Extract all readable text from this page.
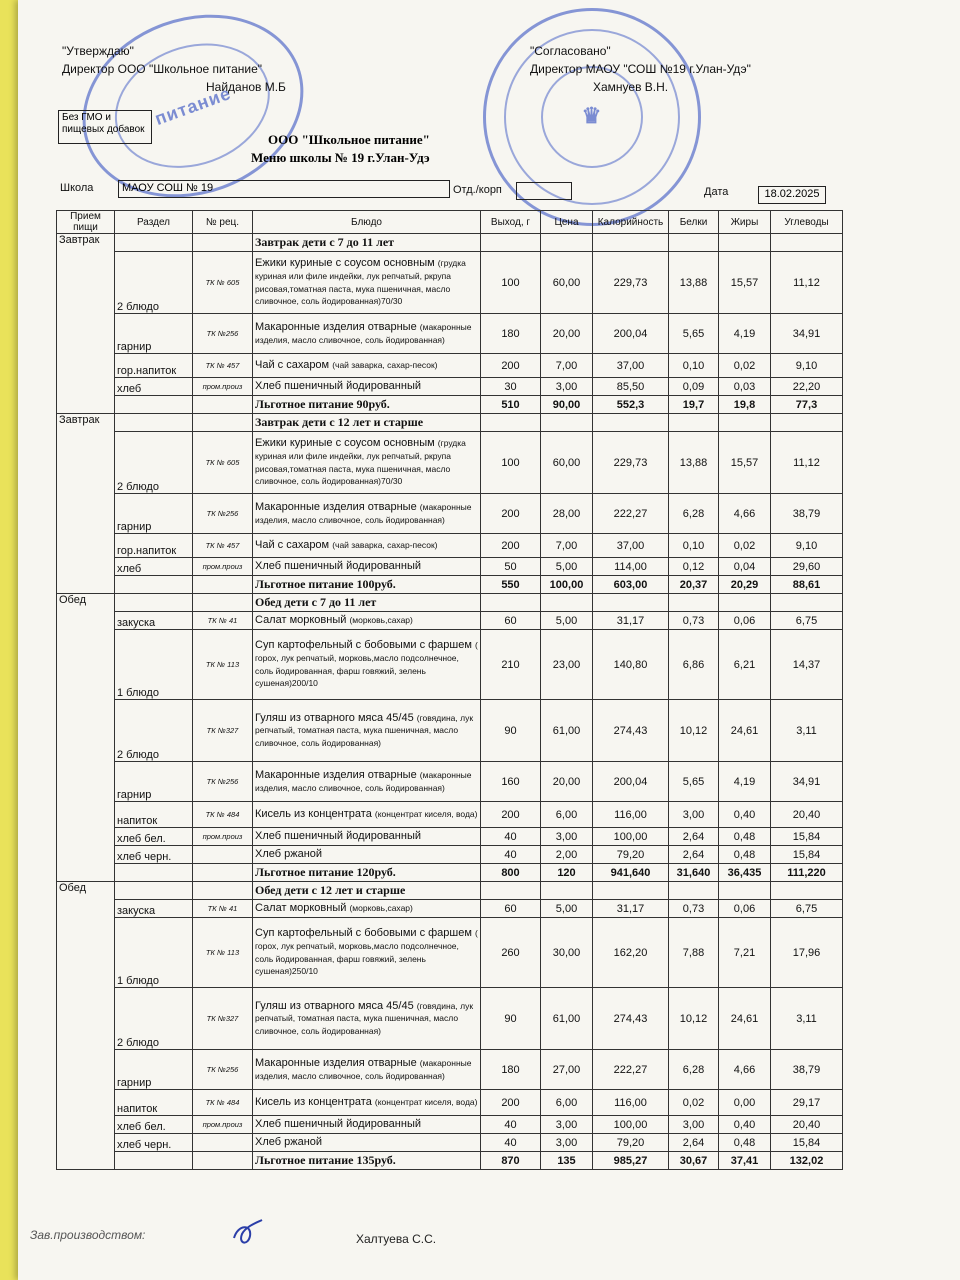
питание	♛
"Утверждаю"
Директор ООО "Школьное питание"
Найданов М.Б
"Согласовано"
Директор МАОУ "СОШ №19 г.Улан-Удэ"
Хамнуев В.Н.
Без ГМО и пищевых добавок
ООО "Школьное питание"
Меню школы № 19 г.Улан-Удэ
Школа	МАОУ СОШ № 19	Отд./корп	Дата	18.02.2025
Прием пищи	Раздел	№ рец.	Блюдо	Выход, г	Цена	Калорийность	Белки	Жиры	Углеводы
Завтрак			Завтрак дети с 7 до 11 лет						
	2 блюдо	ТК № 605	Ежики куриные с соусом основным (грудка куриная или филе индейки, лук репчатый, ркрупа рисовая,томатная паста, мука пшеничная, масло сливочное, соль йодированная)70/30	100	60,00	229,73	13,88	15,57	11,12
	гарнир	ТК №256	Макаронные изделия отварные (макаронные изделия, масло сливочное, соль йодированная)	180	20,00	200,04	5,65	4,19	34,91
	гор.напиток	ТК № 457	Чай с сахаром (чай заварка, сахар-песок)	200	7,00	37,00	0,10	0,02	9,10
	хлеб	пром.произ	Хлеб пшеничный йодированный	30	3,00	85,50	0,09	0,03	22,20
			Льготное питание 90руб.	510	90,00	552,3	19,7	19,8	77,3
Завтрак			Завтрак дети с 12 лет и старше						
	2 блюдо	ТК № 605	Ежики куриные с соусом основным (грудка куриная или филе индейки, лук репчатый, ркрупа рисовая,томатная паста, мука пшеничная, масло сливочное, соль йодированная)70/30	100	60,00	229,73	13,88	15,57	11,12
	гарнир	ТК №256	Макаронные изделия отварные (макаронные изделия, масло сливочное, соль йодированная)	200	28,00	222,27	6,28	4,66	38,79
	гор.напиток	ТК № 457	Чай с сахаром (чай заварка, сахар-песок)	200	7,00	37,00	0,10	0,02	9,10
	хлеб	пром.произ	Хлеб пшеничный йодированный	50	5,00	114,00	0,12	0,04	29,60
			Льготное питание 100руб.	550	100,00	603,00	20,37	20,29	88,61
Обед			Обед дети с 7 до 11 лет						
	закуска	ТК № 41	Салат морковный (морковь,сахар)	60	5,00	31,17	0,73	0,06	6,75
	1 блюдо	ТК № 113	Суп картофельный с бобовыми с фаршем ( горох, лук репчатый, морковь,масло подсолнечное, соль йодированная, фарш говяжий, зелень сушеная)200/10	210	23,00	140,80	6,86	6,21	14,37
	2 блюдо	ТК №327	Гуляш из отварного мяса 45/45 (говядина, лук репчатый, томатная паста, мука пшеничная, масло сливочное, соль йодированная)	90	61,00	274,43	10,12	24,61	3,11
	гарнир	ТК №256	Макаронные изделия отварные (макаронные изделия, масло сливочное, соль йодированная)	160	20,00	200,04	5,65	4,19	34,91
	напиток	ТК № 484	Кисель из концентрата (концентрат киселя, вода)	200	6,00	116,00	3,00	0,40	20,40
	хлеб бел.	пром.произ	Хлеб пшеничный йодированный	40	3,00	100,00	2,64	0,48	15,84
	хлеб черн.		Хлеб ржаной	40	2,00	79,20	2,64	0,48	15,84
			Льготное питание 120руб.	800	120	941,640	31,640	36,435	111,220
Обед			Обед дети с 12 лет и старше						
	закуска	ТК № 41	Салат морковный (морковь,сахар)	60	5,00	31,17	0,73	0,06	6,75
	1 блюдо	ТК № 113	Суп картофельный с бобовыми с фаршем ( горох, лук репчатый, морковь,масло подсолнечное, соль йодированная, фарш говяжий, зелень сушеная)250/10	260	30,00	162,20	7,88	7,21	17,96
	2 блюдо	ТК №327	Гуляш из отварного мяса 45/45 (говядина, лук репчатый, томатная паста, мука пшеничная, масло сливочное, соль йодированная)	90	61,00	274,43	10,12	24,61	3,11
	гарнир	ТК №256	Макаронные изделия отварные (макаронные изделия, масло сливочное, соль йодированная)	180	27,00	222,27	6,28	4,66	38,79
	напиток	ТК № 484	Кисель из концентрата (концентрат киселя, вода)	200	6,00	116,00	0,02	0,00	29,17
	хлеб бел.	пром.произ	Хлеб пшеничный йодированный	40	3,00	100,00	3,00	0,40	20,40
	хлеб черн.		Хлеб ржаной	40	3,00	79,20	2,64	0,48	15,84
			Льготное питание 135руб.	870	135	985,27	30,67	37,41	132,02
Зав.производством:	Халтуева С.С.
